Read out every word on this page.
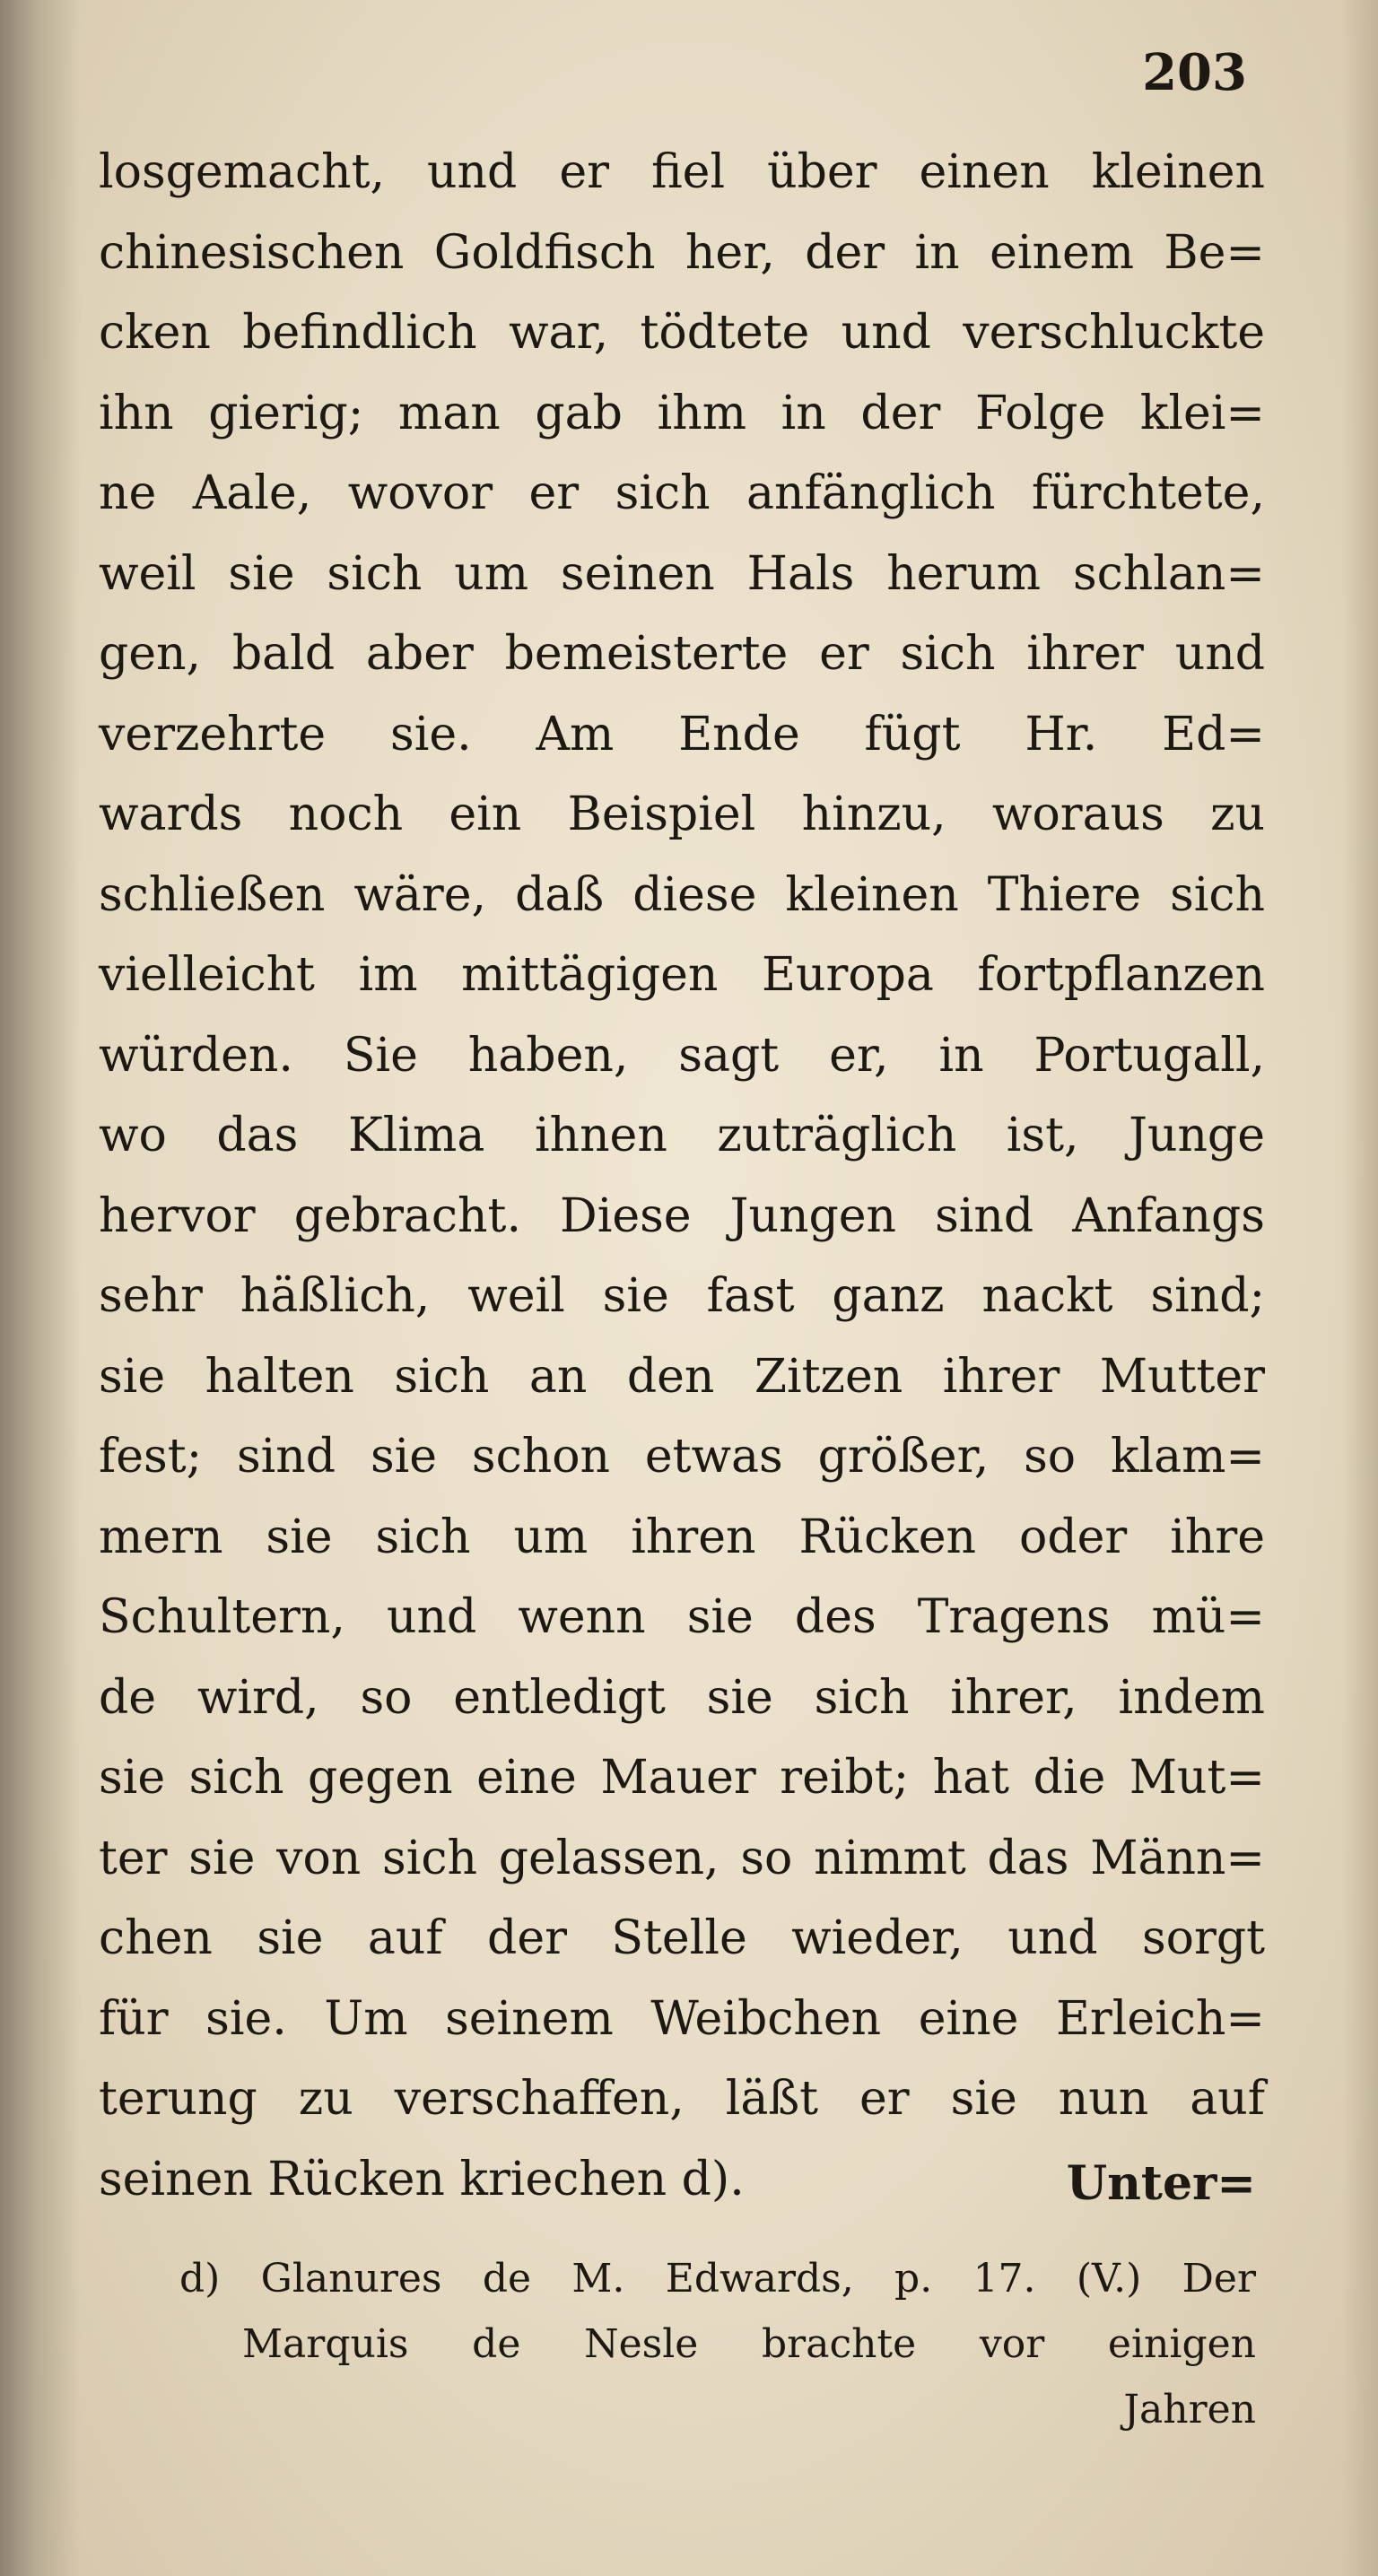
203
losgemacht, und er fiel über einen kleinen
chinesischen Goldfisch her, der in einem Be=
cken befindlich war, tödtete und verschluckte
ihn gierig; man gab ihm in der Folge klei=
ne Aale, wovor er sich anfänglich fürchtete,
weil sie sich um seinen Hals herum schlan=
gen, bald aber bemeisterte er sich ihrer und
verzehrte sie. Am Ende fügt Hr. Ed=
wards noch ein Beispiel hinzu, woraus zu
schließen wäre, daß diese kleinen Thiere sich
vielleicht im mittägigen Europa fortpflanzen
würden. Sie haben, sagt er, in Portugall,
wo das Klima ihnen zuträglich ist, Junge
hervor gebracht. Diese Jungen sind Anfangs
sehr häßlich, weil sie fast ganz nackt sind;
sie halten sich an den Zitzen ihrer Mutter
fest; sind sie schon etwas größer, so klam=
mern sie sich um ihren Rücken oder ihre
Schultern, und wenn sie des Tragens mü=
de wird, so entledigt sie sich ihrer, indem
sie sich gegen eine Mauer reibt; hat die Mut=
ter sie von sich gelassen, so nimmt das Männ=
chen sie auf der Stelle wieder, und sorgt
für sie. Um seinem Weibchen eine Erleich=
terung zu verschaffen, läßt er sie nun auf
seinen Rücken kriechen d).	Unter=
d) Glanures de M. Edwards, p. 17. (V.) Der
Marquis de Nesle brachte vor einigen
Jahren
